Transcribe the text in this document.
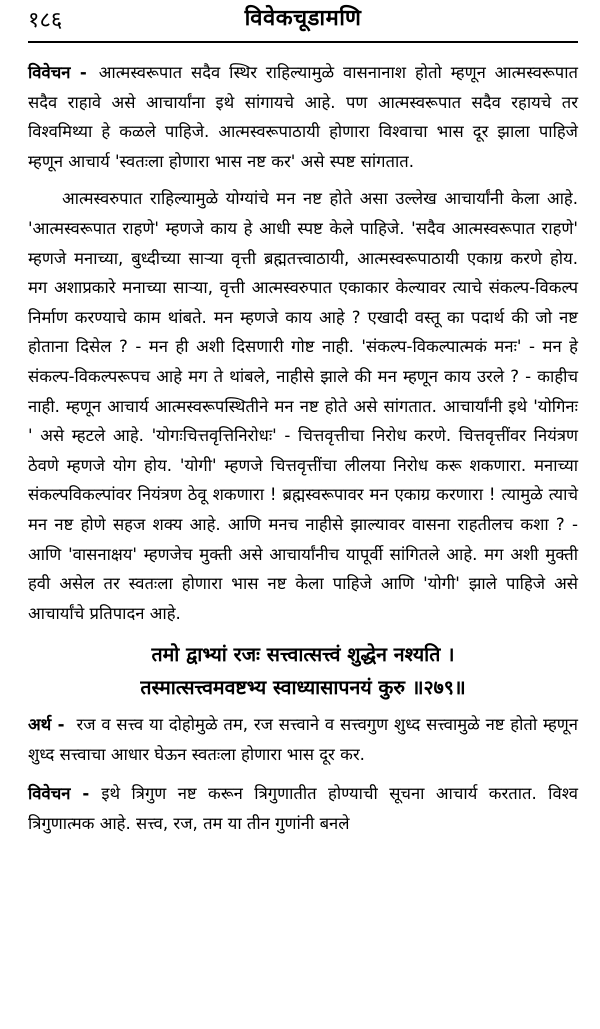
१८६	विवेकचूडामणि

विवेचन - आत्मस्वरूपात सदैव स्थिर राहिल्यामुळे वासनानाश होतो म्हणून आत्मस्वरूपात सदैव राहावे असे आचार्यांना इथे सांगायचे आहे. पण आत्मस्वरूपात सदैव रहायचे तर विश्वमिथ्या हे कळले पाहिजे. आत्मस्वरूपाठायी होणारा विश्वाचा भास दूर झाला पाहिजे म्हणून आचार्य 'स्वतःला होणारा भास नष्ट कर' असे स्पष्ट सांगतात.

आत्मस्वरुपात राहिल्यामुळे योग्यांचे मन नष्ट होते असा उल्लेख आचार्यांनी केला आहे. 'आत्मस्वरूपात राहणे' म्हणजे काय हे आधी स्पष्ट केले पाहिजे. 'सदैव आत्मस्वरूपात राहणे' म्हणजे मनाच्या, बुध्दीच्या साऱ्या वृत्ती ब्रह्मतत्त्वाठायी, आत्मस्वरूपाठायी एकाग्र करणे होय. मग अशाप्रकारे मनाच्या साऱ्या, वृत्ती आत्मस्वरुपात एकाकार केल्यावर त्याचे संकल्प-विकल्प निर्माण करण्याचे काम थांबते. मन म्हणजे काय आहे ? एखादी वस्तू का पदार्थ की जो नष्ट होताना दिसेल ? - मन ही अशी दिसणारी गोष्ट नाही. 'संकल्प-विकल्पात्मकं मनः' - मन हे संकल्प-विकल्परूपच आहे मग ते थांबले, नाहीसे झाले की मन म्हणून काय उरले ? - काहीच नाही. म्हणून आचार्य आत्मस्वरूपस्थितीने मन नष्ट होते असे सांगतात. आचार्यांनी इथे 'योगिनः ' असे म्हटले आहे. 'योगःचित्तवृत्तिनिरोधः' - चित्तवृत्तीचा निरोध करणे. चित्तवृत्तींवर नियंत्रण ठेवणे म्हणजे योग होय. 'योगी' म्हणजे चित्तवृत्तींचा लीलया निरोध करू शकणारा. मनाच्या संकल्पविकल्पांवर नियंत्रण ठेवू शकणारा ! ब्रह्मस्वरूपावर मन एकाग्र करणारा ! त्यामुळे त्याचे मन नष्ट होणे सहज शक्य आहे. आणि मनच नाहीसे झाल्यावर वासना राहतीलच कशा ? - आणि 'वासनाक्षय' म्हणजेच मुक्ती असे आचार्यांनीच यापूर्वी सांगितले आहे. मग अशी मुक्ती हवी असेल तर स्वतःला होणारा भास नष्ट केला पाहिजे आणि 'योगी' झाले पाहिजे असे आचार्यांचे प्रतिपादन आहे.

तमो द्वाभ्यां रजः सत्त्वात्सत्त्वं शुद्धेन नश्यति ।
तस्मात्सत्त्वमवष्टभ्य स्वाध्यासापनयं कुरु ॥२७९॥

अर्थ - रज व सत्त्व या दोहोमुळे तम, रज सत्त्वाने व सत्त्वगुण शुध्द सत्त्वामुळे नष्ट होतो म्हणून शुध्द सत्त्वाचा आधार घेऊन स्वतःला होणारा भास दूर कर.

विवेचन - इथे त्रिगुण नष्ट करून त्रिगुणातीत होण्याची सूचना आचार्य करतात. विश्व त्रिगुणात्मक आहे. सत्त्व, रज, तम या तीन गुणांनी बनले
